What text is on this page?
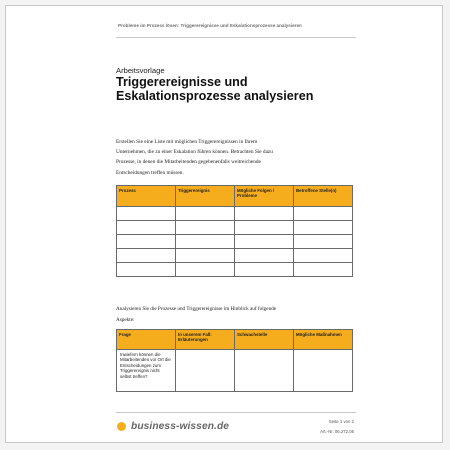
Probleme im Prozess lösen: Triggerereignisse und Eskalationsprozesse analysieren
Arbeitsvorlage
Triggerereignisse und Eskalationsprozesse analysieren
Erstellen Sie eine Liste mit möglichen Triggerereignissen in Ihrem
Unternehmen, die zu einer Eskalation führen können. Betrachten Sie dazu
Prozesse, in denen die Mitarbeitenden gegebenenfalls weitreichende
Entscheidungen treffen müssen.
Prozess	Triggerereignis	Mögliche Folgen / Probleme	Betroffene Stelle(n)

Analysieren Sie die Prozesse und Triggerereignisse im Hinblick auf folgende
Aspekte:
Frage	In unserem Fall: Erläuterungen	Schwachstelle	Mögliche Maßnahmen
Inwiefern können die Mitarbeitenden vor Ort die Entscheidungen zum Triggerereignis nicht selbst treffen?			
business-wissen.de	Seite 1 von 2
Art.-Nr. 06.272.06
